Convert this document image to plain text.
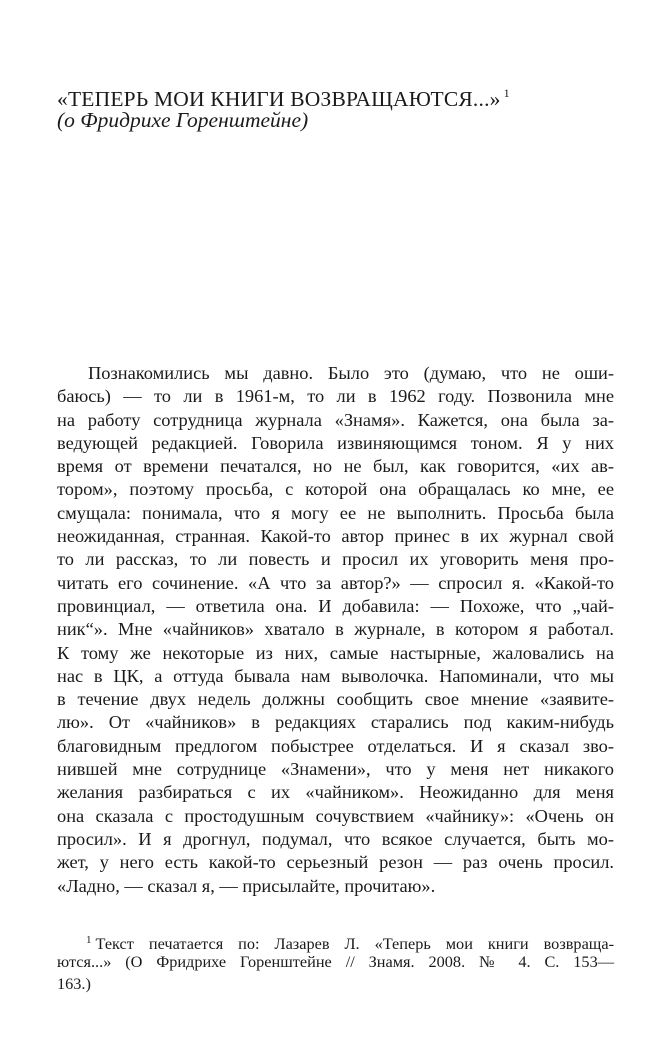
«ТЕПЕРЬ МОИ КНИГИ ВОЗВРАЩАЮТСЯ...» $^1$
(о Фридрихе Горенштейне)
Познакомились мы давно. Было это (думаю, что не оши-
баюсь) — то ли в 1961-м, то ли в 1962 году. Позвонила мне
на работу сотрудница журнала «Знамя». Кажется, она была за-
ведующей редакцией. Говорила извиняющимся тоном. Я у них
время от времени печатался, но не был, как говорится, «их ав-
тором», поэтому просьба, с которой она обращалась ко мне, ее
смущала: понимала, что я могу ее не выполнить. Просьба была
неожиданная, странная. Какой-то автор принес в их журнал свой
то ли рассказ, то ли повесть и просил их уговорить меня про-
читать его сочинение. «А что за автор?» — спросил я. «Какой-то
провинциал, — ответила она. И добавила: — Похоже, что „чай-
ник“». Мне «чайников» хватало в журнале, в котором я работал.
К тому же некоторые из них, самые настырные, жаловались на
нас в ЦК, а оттуда бывала нам выволочка. Напоминали, что мы
в течение двух недель должны сообщить свое мнение «заявите-
лю». От «чайников» в редакциях старались под каким-нибудь
благовидным предлогом побыстрее отделаться. И я сказал зво-
нившей мне сотруднице «Знамени», что у меня нет никакого
желания разбираться с их «чайником». Неожиданно для меня
она сказала с простодушным сочувствием «чайнику»: «Очень он
просил». И я дрогнул, подумал, что всякое случается, быть мо-
жет, у него есть какой-то серьезный резон — раз очень просил.
«Ладно, — сказал я, — присылайте, прочитаю».
$^1$ Текст печатается по: Лазарев Л. «Теперь мои книги возвраща-
ются...» (О Фридрихе Горенштейне // Знамя. 2008. № 4. С. 153—
163.)
